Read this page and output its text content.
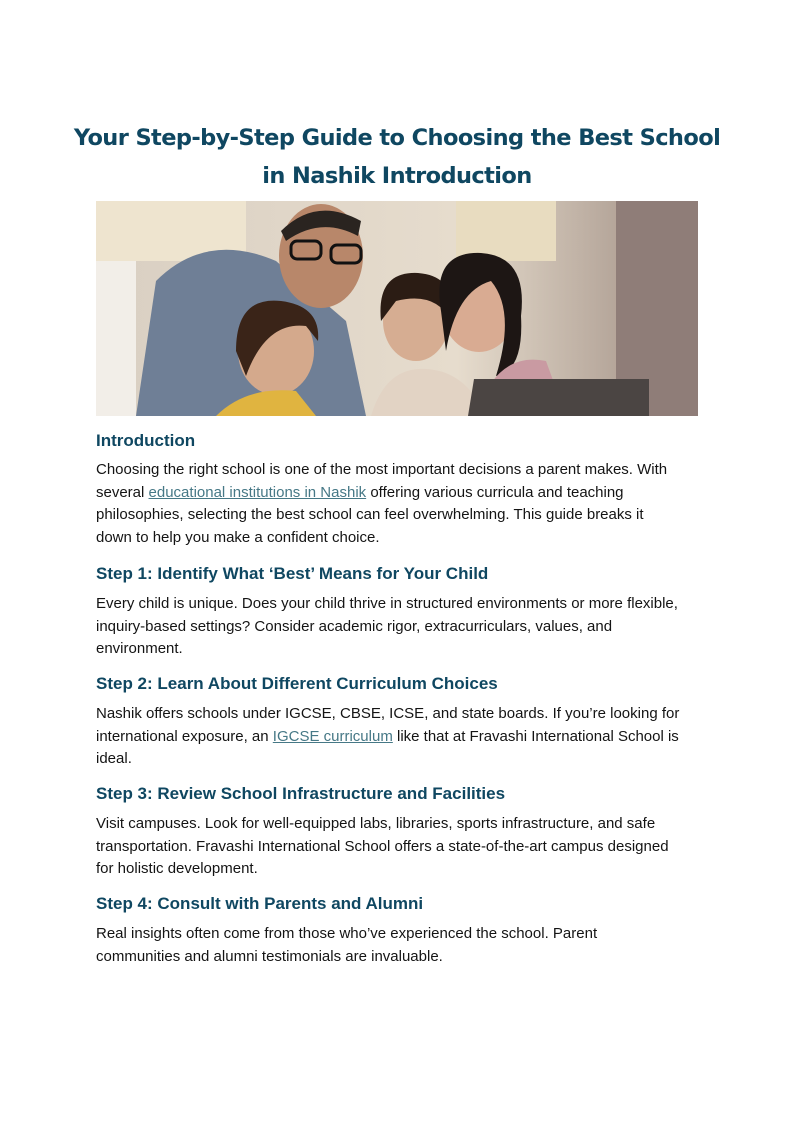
Your Step-by-Step Guide to Choosing the Best School
in Nashik Introduction
Introduction
Choosing the right school is one of the most important decisions a parent makes. With
several educational institutions in Nashik offering various curricula and teaching
philosophies, selecting the best school can feel overwhelming. This guide breaks it
down to help you make a confident choice.
Step 1: Identify What ‘Best’ Means for Your Child
Every child is unique. Does your child thrive in structured environments or more flexible,
inquiry-based settings? Consider academic rigor, extracurriculars, values, and
environment.
Step 2: Learn About Different Curriculum Choices
Nashik offers schools under IGCSE, CBSE, ICSE, and state boards. If you’re looking for
international exposure, an IGCSE curriculum like that at Fravashi International School is
ideal.
Step 3: Review School Infrastructure and Facilities
Visit campuses. Look for well-equipped labs, libraries, sports infrastructure, and safe
transportation. Fravashi International School offers a state-of-the-art campus designed
for holistic development.
Step 4: Consult with Parents and Alumni
Real insights often come from those who’ve experienced the school. Parent
communities and alumni testimonials are invaluable.
